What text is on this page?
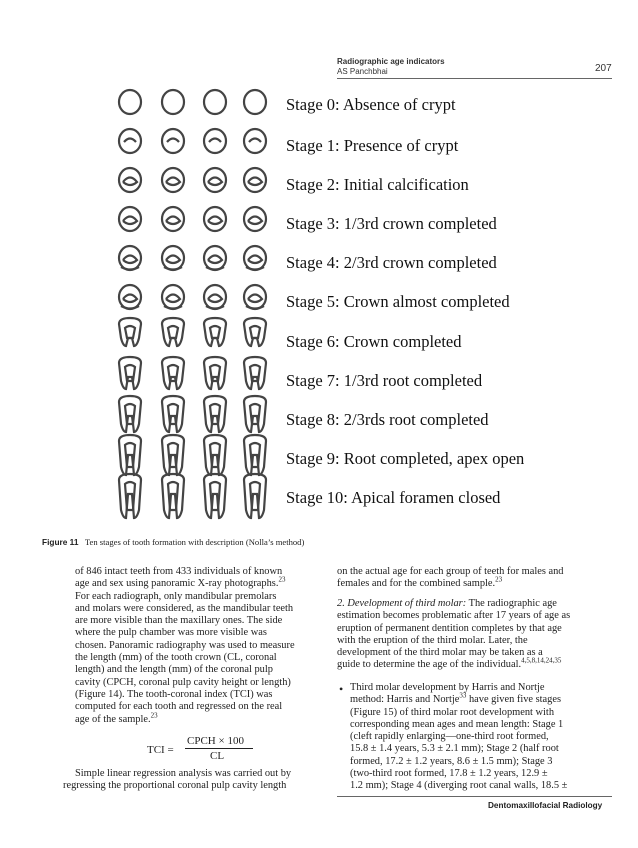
Radiographic age indicators
AS Panchbhai	207
Stage 0: Absence of crypt
Stage 1: Presence of crypt
Stage 2: Initial calcification
Stage 3: 1/3rd crown completed
Stage 4: 2/3rd crown completed
Stage 5: Crown almost completed
Stage 6: Crown completed
Stage 7: 1/3rd root completed
Stage 8: 2/3rds root completed
Stage 9: Root completed, apex open
Stage 10: Apical foramen closed
Figure 11 Ten stages of tooth formation with description (Nolla’s method)

of 846 intact teeth from 433 individuals of known

age and sex using panoramic X-ray photographs.$^{23}$

For each radiograph, only mandibular premolars

and molars were considered, as the mandibular teeth

are more visible than the maxillary ones. The side

where the pulp chamber was more visible was

chosen. Panoramic radiography was used to measure

the length (mm) of the tooth crown (CL, coronal

length) and the length (mm) of the coronal pulp

cavity (CPCH, coronal pulp cavity height or length)

(Figure 14). The tooth-coronal index (TCI) was

computed for each tooth and regressed on the real

age of the sample.$^{23}$

TCI =
CPCH × 100
CL

Simple linear regression analysis was carried out by

regressing the proportional coronal pulp cavity length

on the actual age for each group of teeth for males and

females and for the combined sample.$^{23}$

2. Development of third molar: The radiographic age

estimation becomes problematic after 17 years of age as

eruption of permanent dentition completes by that age

with the eruption of the third molar. Later, the

development of the third molar may be taken as a

guide to determine the age of the individual.$^{4,5,8,14,24,35}$

• Third molar development by Harris and Nortje

method: Harris and Nortje$^{33}$ have given five stages

(Figure 15) of third molar root development with

corresponding mean ages and mean length: Stage 1

(cleft rapidly enlarging—one-third root formed,

15.8 ± 1.4 years, 5.3 ± 2.1 mm); Stage 2 (half root

formed, 17.2 ± 1.2 years, 8.6 ± 1.5 mm); Stage 3

(two-third root formed, 17.8 ± 1.2 years, 12.9 ±

1.2 mm); Stage 4 (diverging root canal walls, 18.5 ±

Dentomaxillofacial Radiology
